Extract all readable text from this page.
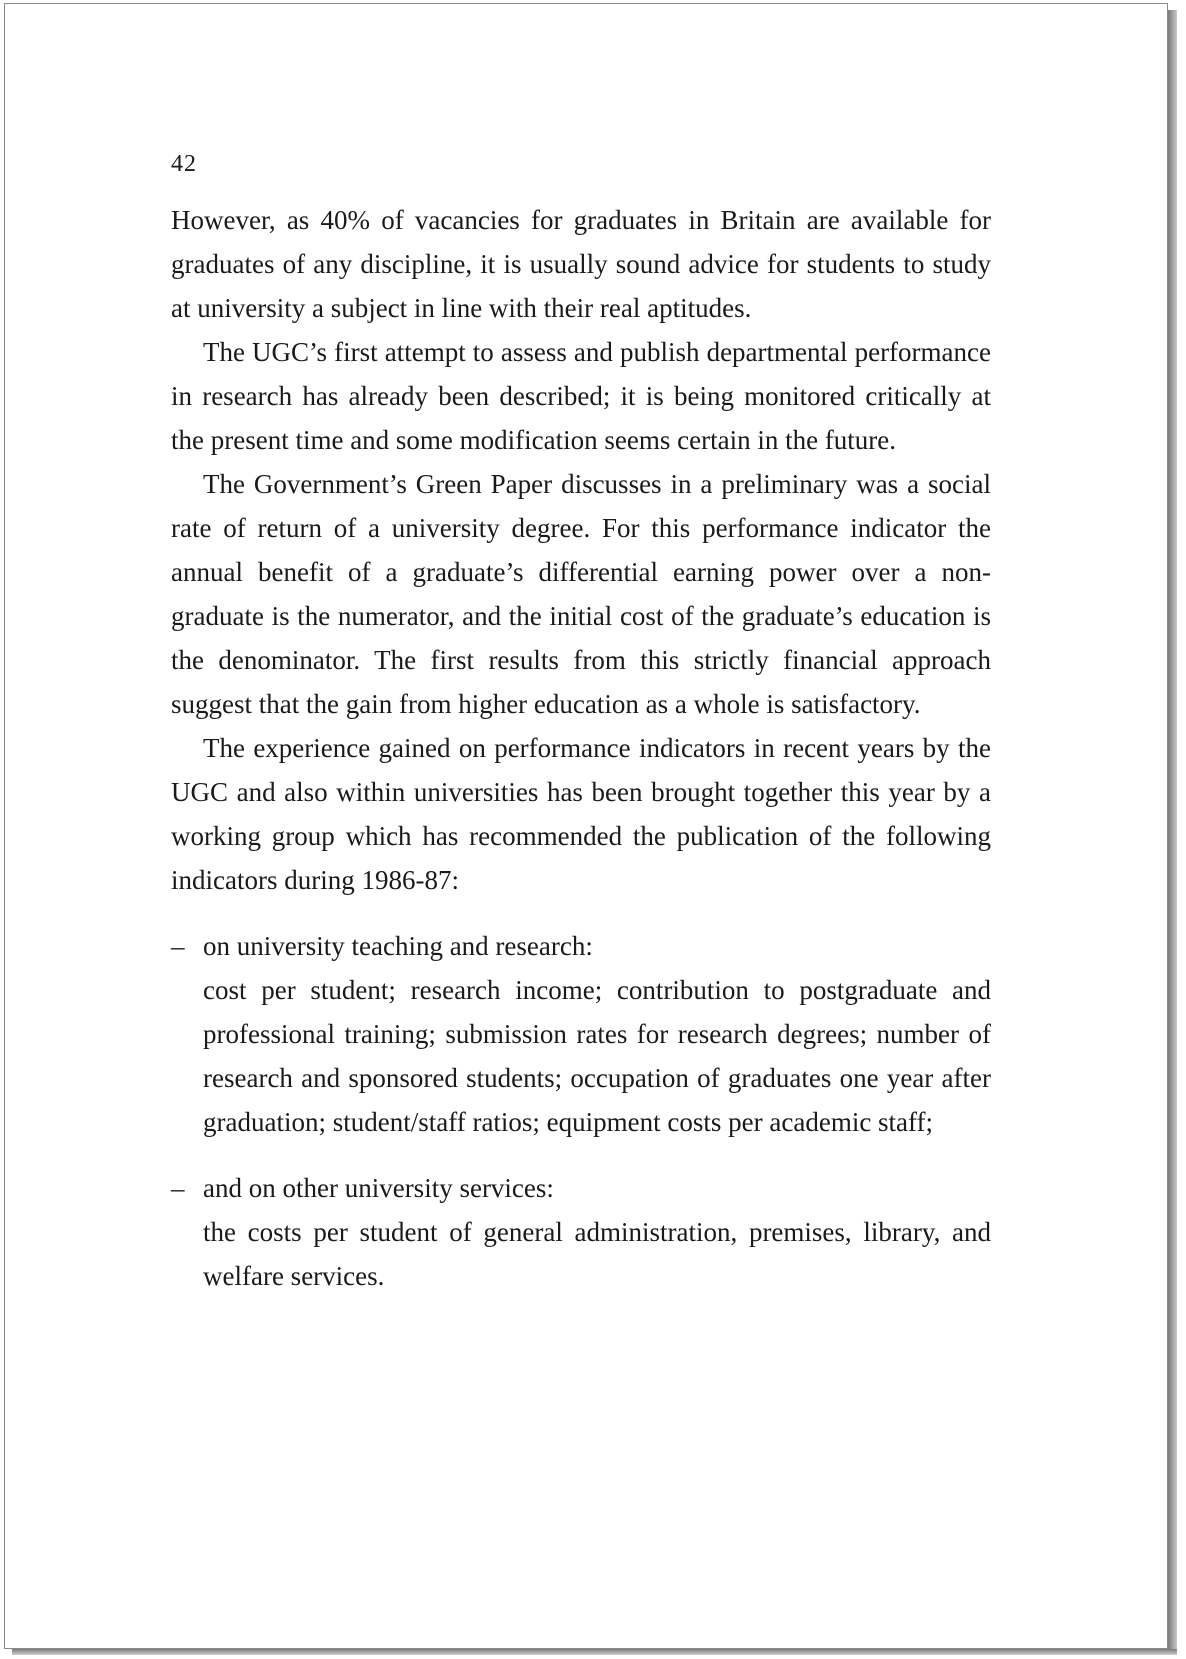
42

However, as 40% of vacancies for graduates in Britain are available for graduates of any discipline, it is usually sound advice for students to study at university a subject in line with their real aptitudes.

The UGC’s first attempt to assess and publish departmental performance in research has already been described; it is being monitored critically at the present time and some modification seems certain in the future.

The Government’s Green Paper discusses in a preliminary was a social rate of return of a university degree. For this performance indicator the annual benefit of a graduate’s differential earning power over a non-graduate is the numerator, and the initial cost of the graduate’s education is the denominator. The first results from this strictly financial approach suggest that the gain from higher education as a whole is satisfactory.

The experience gained on performance indicators in recent years by the UGC and also within universities has been brought together this year by a working group which has recommended the publication of the following indicators during 1986-87:

– on university teaching and research:
cost per student; research income; contribution to postgraduate and professional training; submission rates for research degrees; number of research and sponsored students; occupation of graduates one year after graduation; student/staff ratios; equipment costs per academic staff;
– and on other university services:
the costs per student of general administration, premises, library, and welfare services.
